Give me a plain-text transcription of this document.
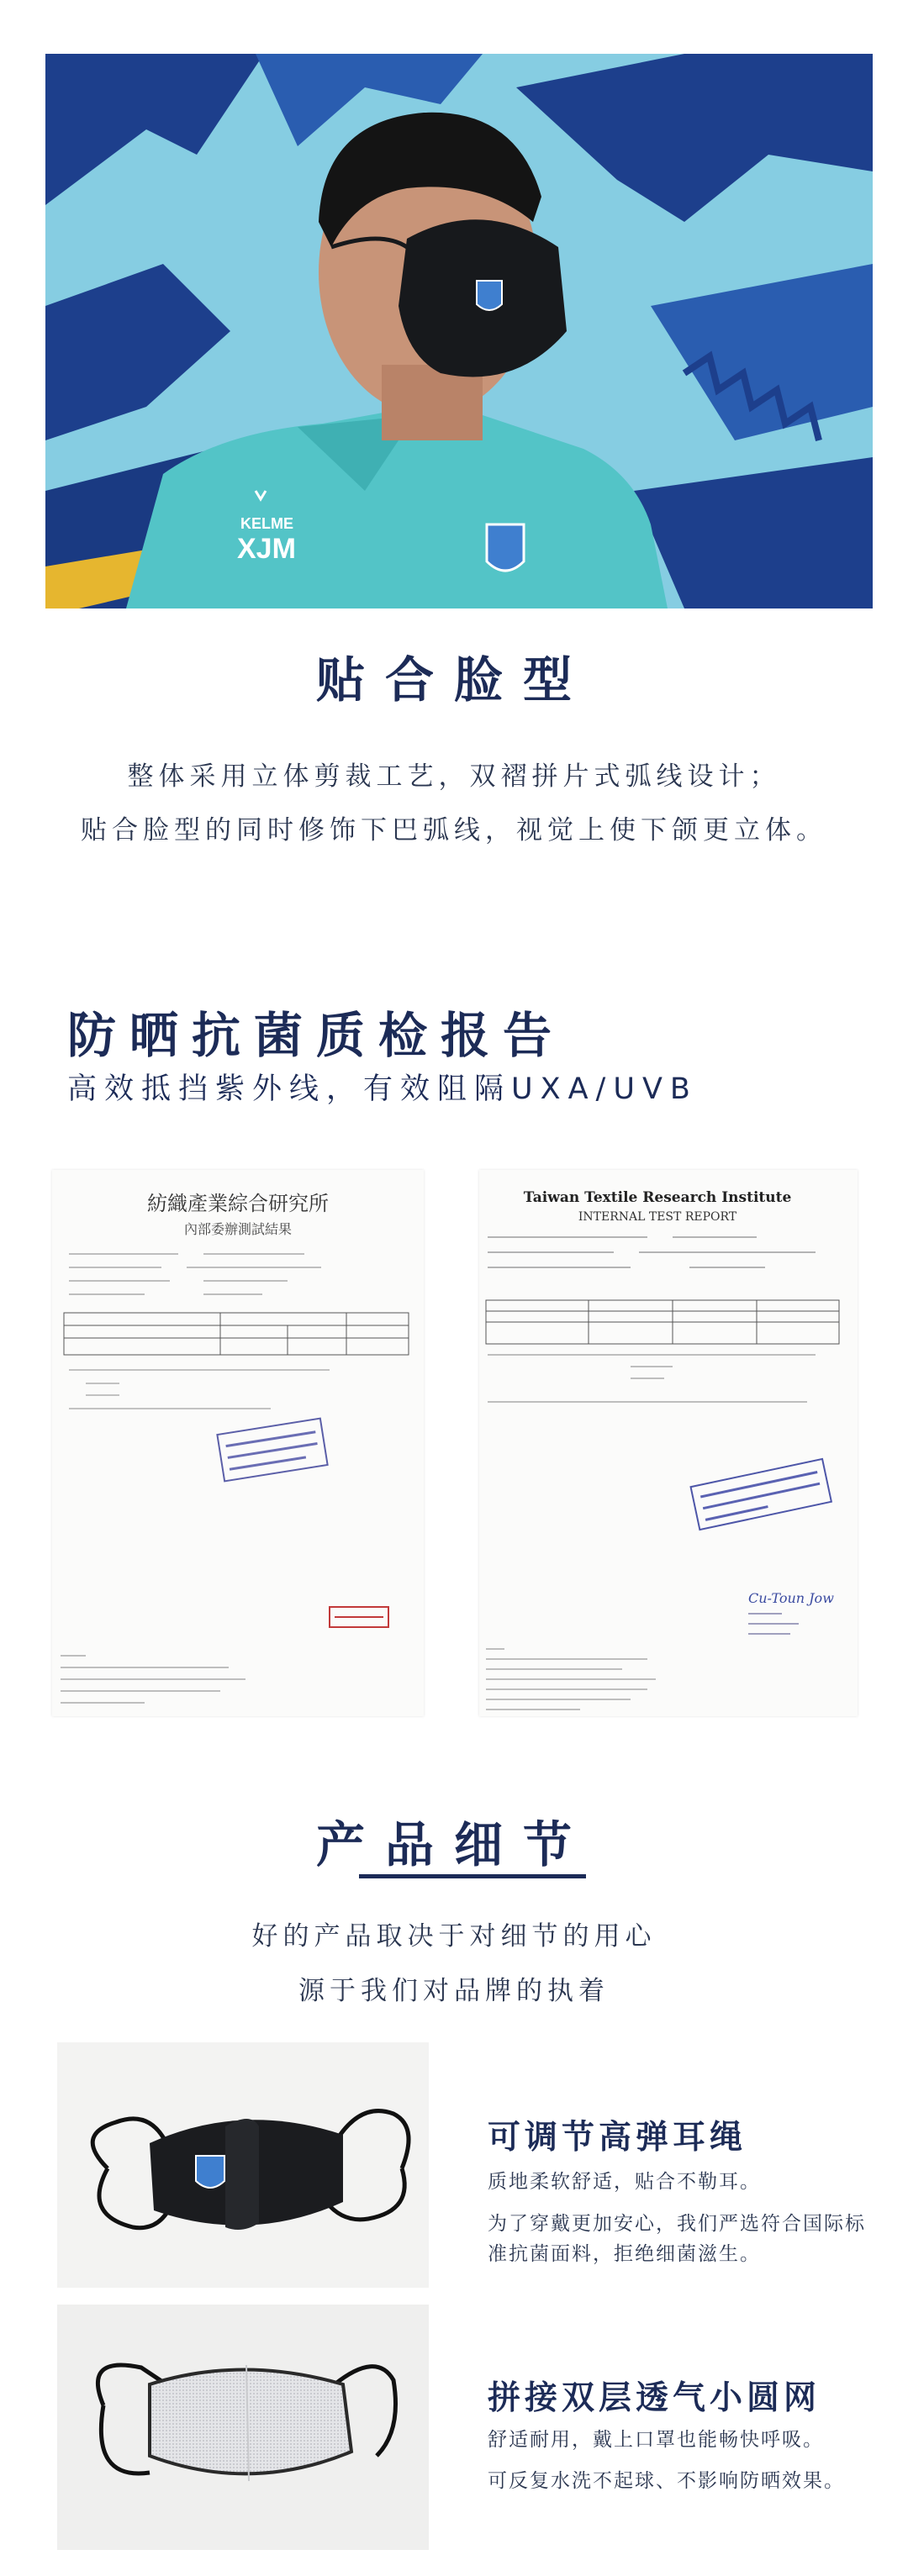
KELME
XJM
贴合脸型
整体采用立体剪裁工艺，双褶拼片式弧线设计；
贴合脸型的同时修饰下巴弧线，视觉上使下颌更立体。
防晒抗菌质检报告
高效抵挡紫外线，有效阻隔UXA/UVB
紡織產業綜合研究所
內部委辦測試結果
Taiwan Textile Research Institute
INTERNAL TEST REPORT
Cu-Toun Jow
产品细节
好的产品取决于对细节的用心
源于我们对品牌的执着
可调节高弹耳绳
质地柔软舒适，贴合不勒耳。
为了穿戴更加安心，我们严选符合国际标准抗菌面料，拒绝细菌滋生。
拼接双层透气小圆网
舒适耐用，戴上口罩也能畅快呼吸。
可反复水洗不起球、不影响防晒效果。
